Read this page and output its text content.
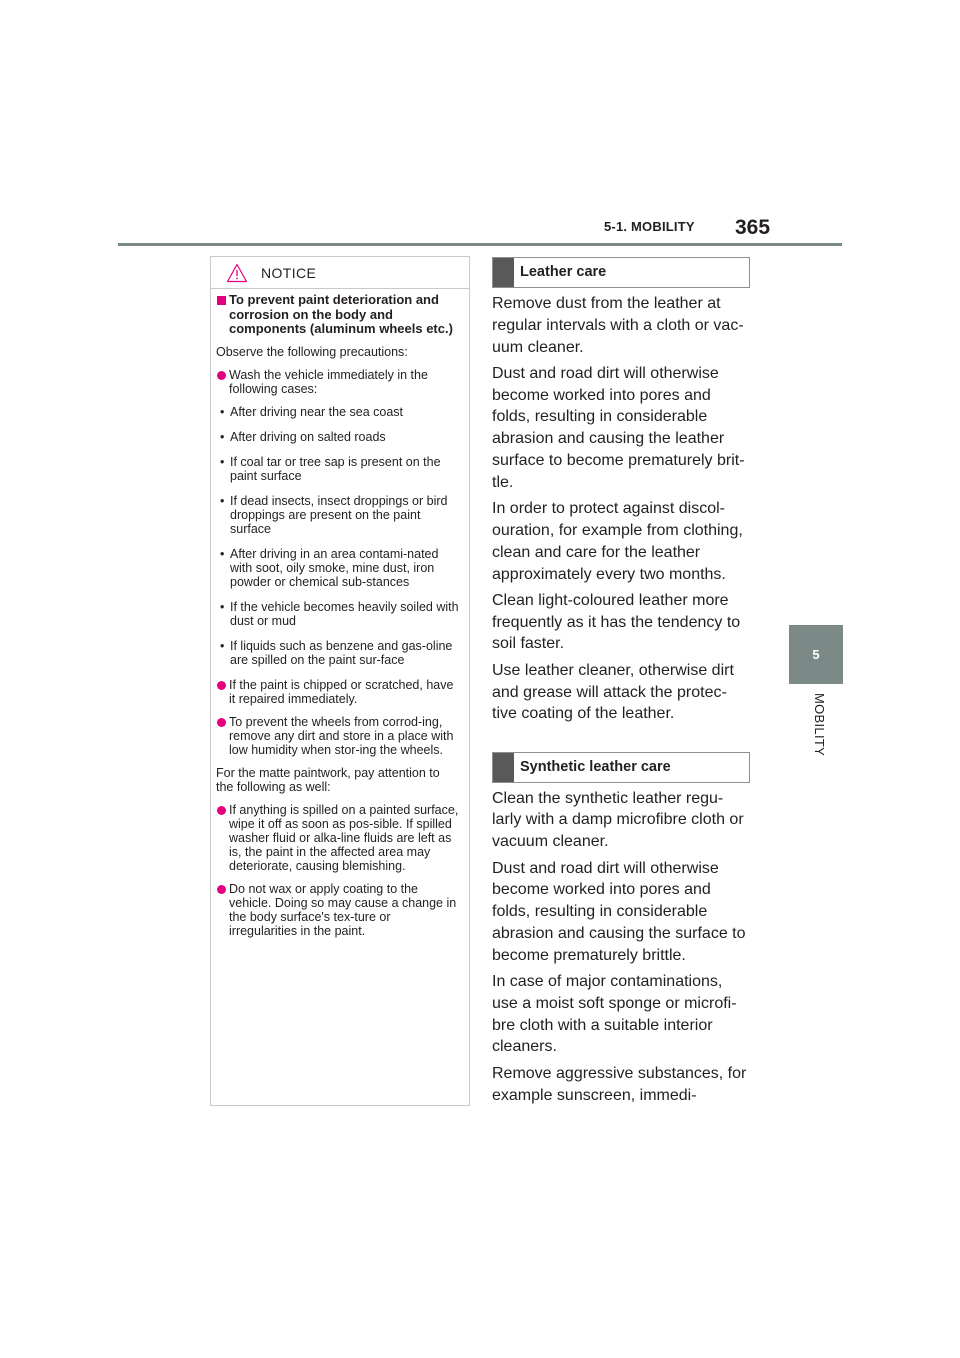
5-1. MOBILITY 365
5
MOBILITY
NOTICE
To prevent paint deterioration and corrosion on the body and components (aluminum wheels etc.)
Observe the following precautions:
Wash the vehicle immediately in the following cases:
• After driving near the sea coast
• After driving on salted roads
• If coal tar or tree sap is present on the paint surface
• If dead insects, insect droppings or bird droppings are present on the paint surface
• After driving in an area contami-nated with soot, oily smoke, mine dust, iron powder or chemical sub-stances
• If the vehicle becomes heavily soiled with dust or mud
• If liquids such as benzene and gas-oline are spilled on the paint sur-face
If the paint is chipped or scratched, have it repaired immediately.
To prevent the wheels from corrod-ing, remove any dirt and store in a place with low humidity when stor-ing the wheels.
For the matte paintwork, pay attention to the following as well:
If anything is spilled on a painted surface, wipe it off as soon as pos-sible. If spilled washer fluid or alka-line fluids are left as is, the paint in the affected area may deteriorate, causing blemishing.
Do not wax or apply coating to the vehicle. Doing so may cause a change in the body surface's tex-ture or irregularities in the paint.
Leather care

Remove dust from the leather at regular intervals with a cloth or vac-uum cleaner.

Dust and road dirt will otherwise become worked into pores and folds, resulting in considerable abrasion and causing the leather surface to become prematurely brit-tle.

In order to protect against discol-ouration, for example from clothing, clean and care for the leather approximately every two months.

Clean light-coloured leather more frequently as it has the tendency to soil faster.

Use leather cleaner, otherwise dirt and grease will attack the protec-tive coating of the leather.

Synthetic leather care

Clean the synthetic leather regu-larly with a damp microfibre cloth or vacuum cleaner.

Dust and road dirt will otherwise become worked into pores and folds, resulting in considerable abrasion and causing the surface to become prematurely brittle.

In case of major contaminations, use a moist soft sponge or microfi-bre cloth with a suitable interior cleaners.

Remove aggressive substances, for example sunscreen, immedi-
